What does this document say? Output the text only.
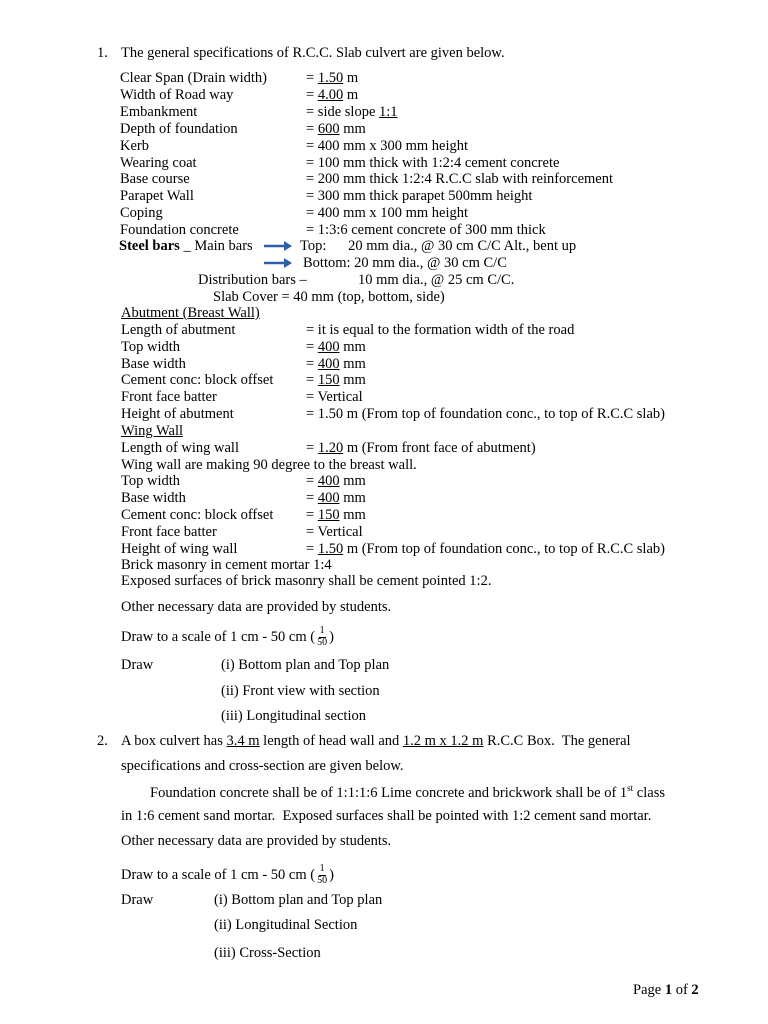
1. The general specifications of R.C.C. Slab culvert are given below.
Clear Span (Drain width)	= 1.50 m
Width of Road way	= 4.00 m
Embankment	= side slope 1:1
Depth of foundation	= 600 mm
Kerb	= 400 mm x 300 mm height
Wearing coat	= 100 mm thick with 1:2:4 cement concrete
Base course	= 200 mm thick 1:2:4 R.C.C slab with reinforcement
Parapet Wall	= 300 mm thick parapet 500mm height
Coping	= 400 mm x 100 mm height
Foundation concrete	= 1:3:6 cement concrete of 300 mm thick
Steel bars _ Main bars	Top:      20 mm dia., @ 30 cm C/C Alt., bent up
Bottom: 20 mm dia., @ 30 cm C/C
Distribution bars –	10 mm dia., @ 25 cm C/C.
Slab Cover = 40 mm (top, bottom, side)
Abutment (Breast Wall)
Length of abutment	= it is equal to the formation width of the road
Top width	= 400 mm
Base width	= 400 mm
Cement conc: block offset = 150 mm
Front face batter	= Vertical
Height of abutment	= 1.50 m (From top of foundation conc., to top of R.C.C slab)
Wing Wall
Length of wing wall	= 1.20 m (From front face of abutment)
Wing wall are making 90 degree to the breast wall.
Top width	= 400 mm
Base width	= 400 mm
Cement conc: block offset = 150 mm
Front face batter	= Vertical
Height of wing wall	= 1.50 m (From top of foundation conc., to top of R.C.C slab)
Brick masonry in cement mortar 1:4
Exposed surfaces of brick masonry shall be cement pointed 1:2.
Other necessary data are provided by students.
Draw to a scale of 1 cm - 50 cm ( $\frac{1}{50}$ )
Draw	(i) Bottom plan and Top plan
(ii) Front view with section
(iii) Longitudinal section
2. A box culvert has 3.4 m length of head wall and 1.2 m x 1.2 m R.C.C Box.  The general
specifications and cross-section are given below.
Foundation concrete shall be of 1:1:1:6 Lime concrete and brickwork shall be of 1st class
in 1:6 cement sand mortar.  Exposed surfaces shall be pointed with 1:2 cement sand mortar.
Other necessary data are provided by students.
Draw to a scale of 1 cm - 50 cm ( $\frac{1}{50}$ )
Draw	(i) Bottom plan and Top plan
(ii) Longitudinal Section
(iii) Cross-Section
Page 1 of 2
